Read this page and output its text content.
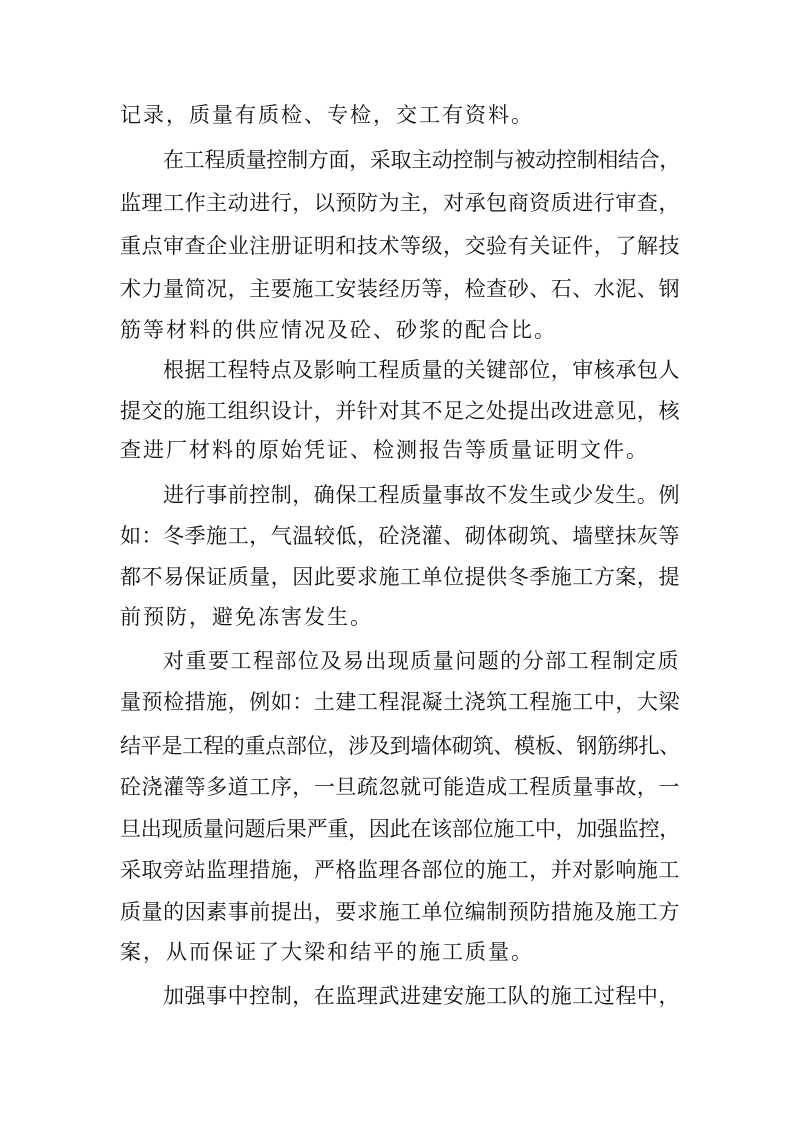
记录，质量有质检、专检，交工有资料。
在工程质量控制方面，采取主动控制与被动控制相结合，
监理工作主动进行，以预防为主，对承包商资质进行审查，
重点审查企业注册证明和技术等级，交验有关证件，了解技
术力量简况，主要施工安装经历等，检查砂、石、水泥、钢
筋等材料的供应情况及砼、砂浆的配合比。
根据工程特点及影响工程质量的关键部位，审核承包人
提交的施工组织设计，并针对其不足之处提出改进意见，核
查进厂材料的原始凭证、检测报告等质量证明文件。
进行事前控制，确保工程质量事故不发生或少发生。例
如：冬季施工，气温较低，砼浇灌、砌体砌筑、墙壁抹灰等
都不易保证质量，因此要求施工单位提供冬季施工方案，提
前预防，避免冻害发生。
对重要工程部位及易出现质量问题的分部工程制定质
量预检措施，例如：土建工程混凝土浇筑工程施工中，大梁
结平是工程的重点部位，涉及到墙体砌筑、模板、钢筋绑扎、
砼浇灌等多道工序，一旦疏忽就可能造成工程质量事故，一
旦出现质量问题后果严重，因此在该部位施工中，加强监控，
采取旁站监理措施，严格监理各部位的施工，并对影响施工
质量的因素事前提出，要求施工单位编制预防措施及施工方
案，从而保证了大梁和结平的施工质量。
加强事中控制，在监理武进建安施工队的施工过程中，
